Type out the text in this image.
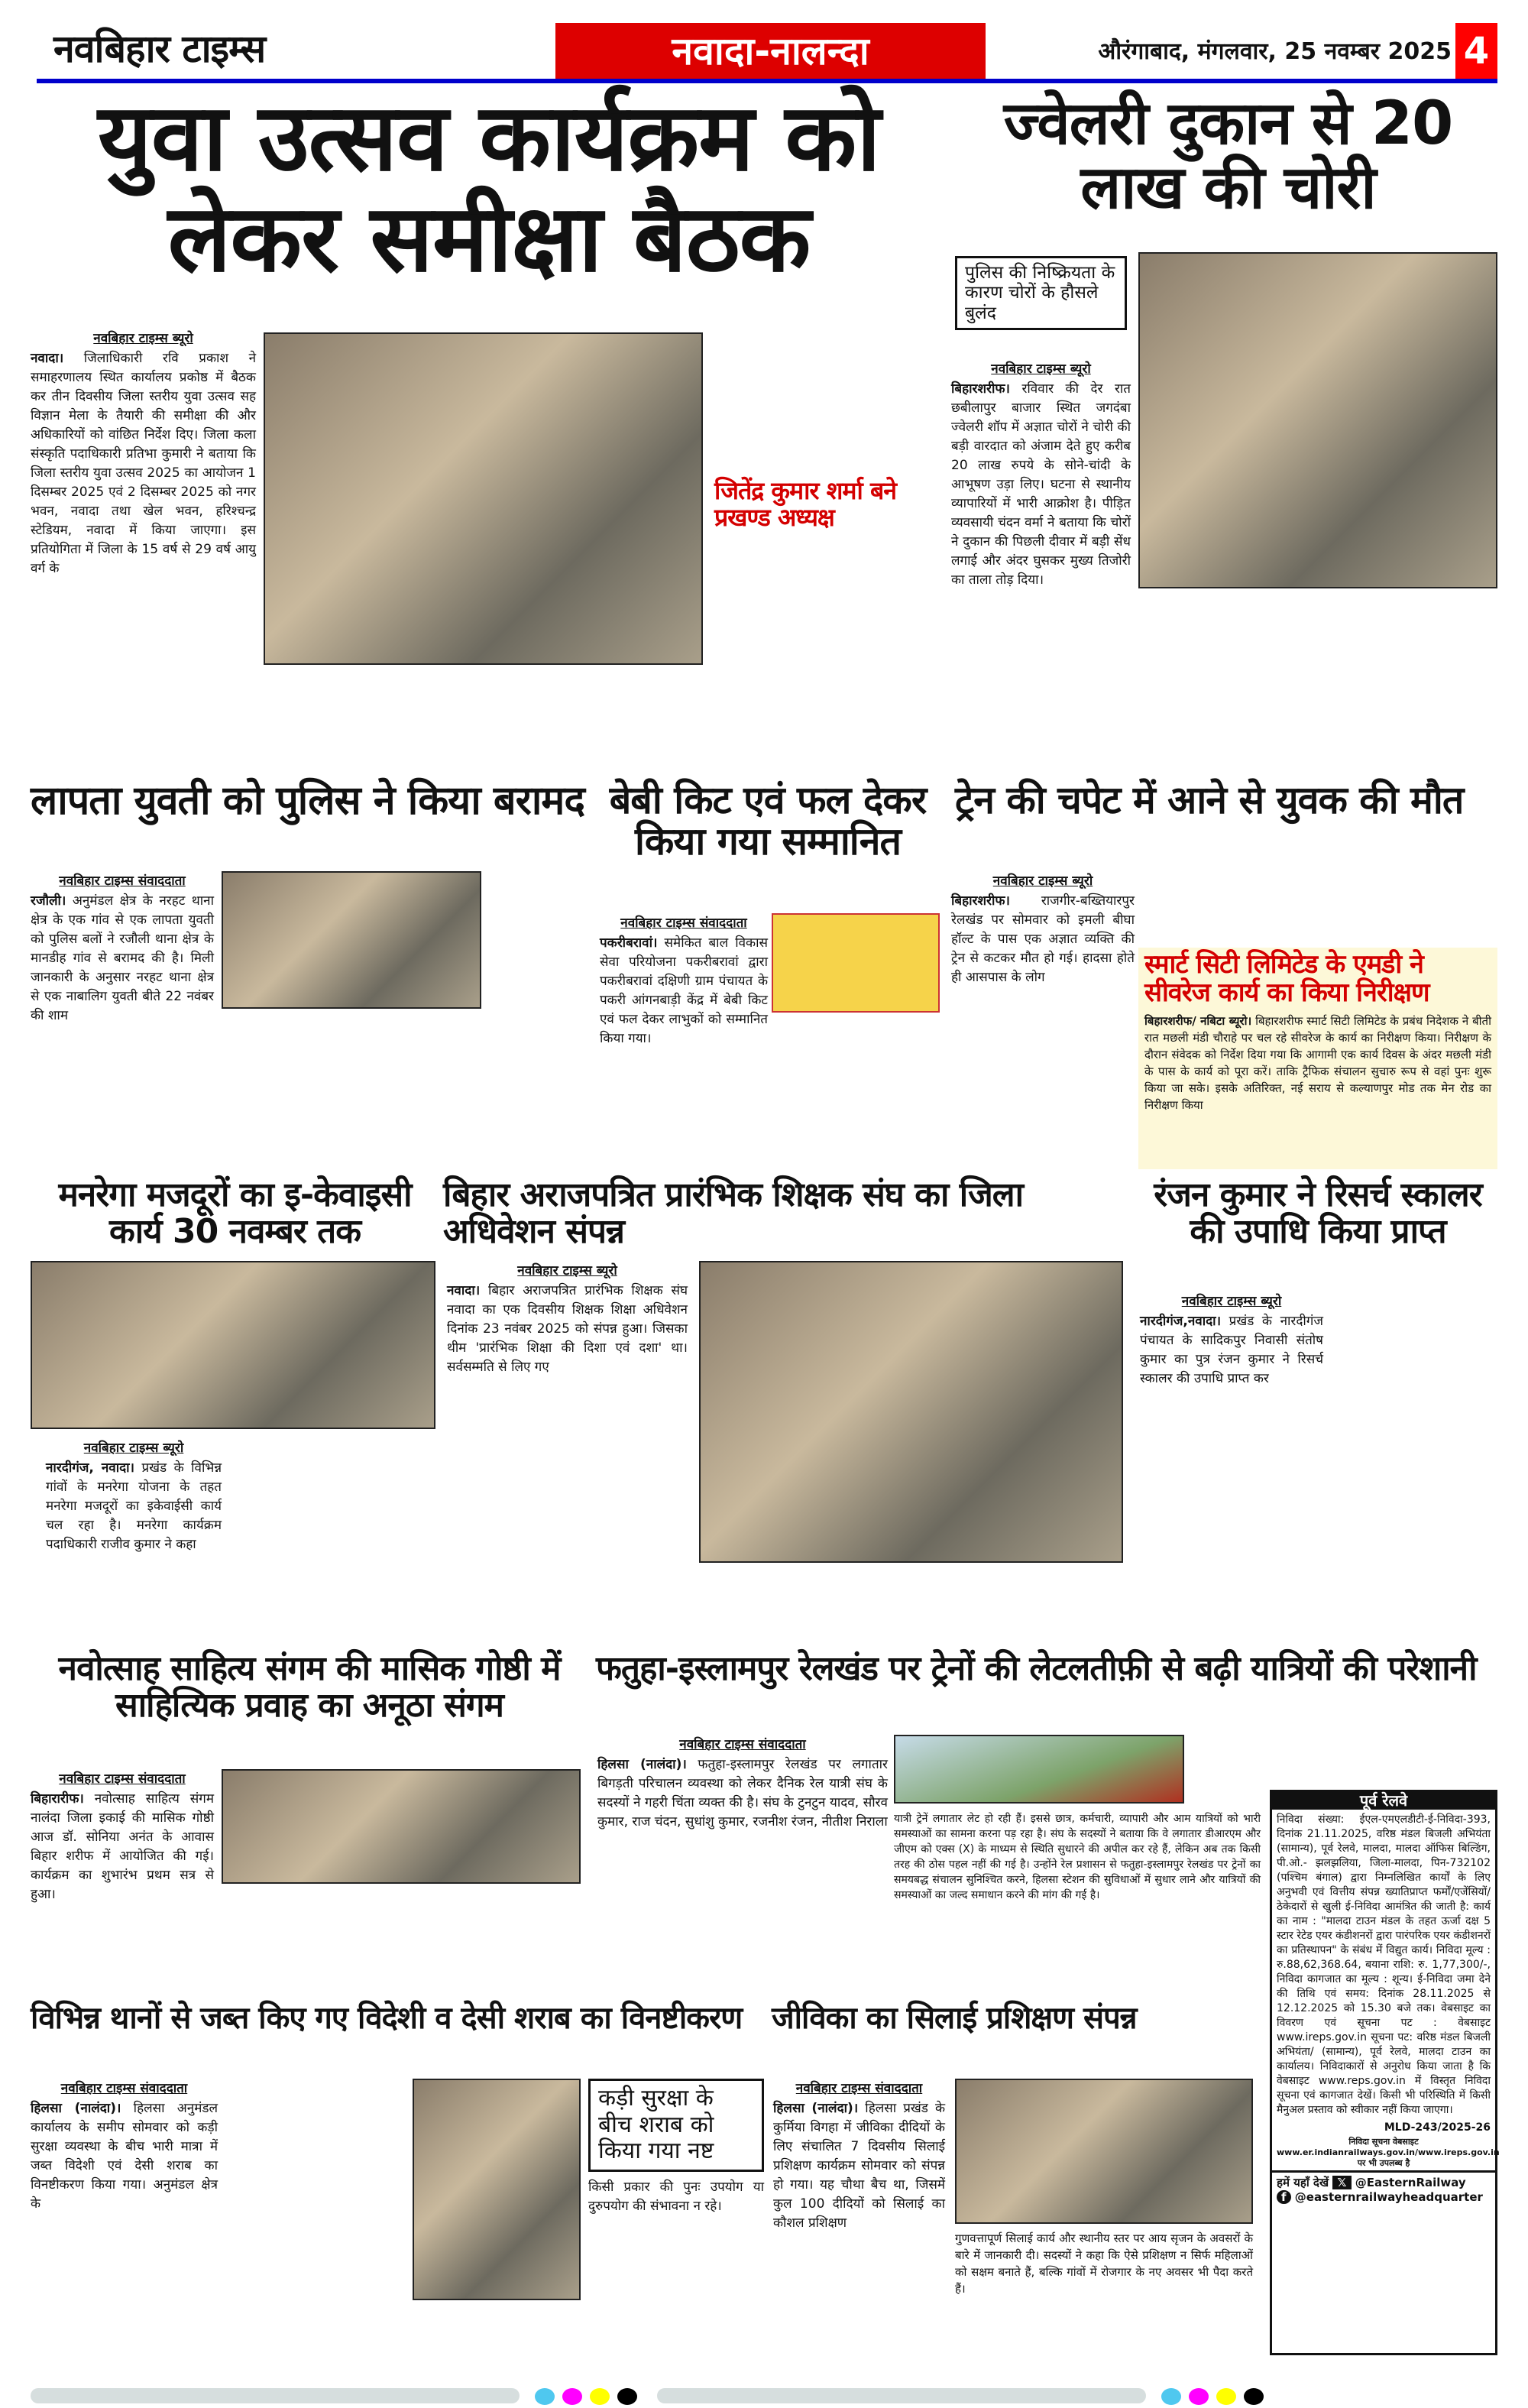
नवबिहार टाइम्स	नवादा-नालन्दा	औरंगाबाद, मंगलवार, 25 नवम्बर 2025 4
युवा उत्सव कार्यक्रम को लेकर समीक्षा बैठक
नवबिहार टाइम्स ब्यूरो
नवादा। जिलाधिकारी रवि प्रकाश ने समाहरणालय स्थित कार्यालय प्रकोष्ठ में बैठक कर तीन दिवसीय जिला स्तरीय युवा उत्सव सह विज्ञान मेला के तैयारी की समीक्षा की और अधिकारियों को वांछित निर्देश दिए। जिला कला संस्कृति पदाधिकारी प्रतिभा कुमारी ने बताया कि जिला स्तरीय युवा उत्सव 2025 का आयोजन 1 दिसम्बर 2025 एवं 2 दिसम्बर 2025 को नगर भवन, नवादा तथा खेल भवन, हरिश्चन्द्र स्टेडियम, नवादा में किया जाएगा। इस प्रतियोगिता में जिला के 15 वर्ष से 29 वर्ष आयु वर्ग के
जितेंद्र कुमार शर्मा बने प्रखण्ड अध्यक्ष
ज्वेलरी दुकान से 20 लाख की चोरी
पुलिस की निष्क्रियता के कारण चोरों के हौसले बुलंद
नवबिहार टाइम्स ब्यूरो
बिहारशरीफ। रविवार की देर रात छबीलापुर बाजार स्थित जगदंबा ज्वेलरी शॉप में अज्ञात चोरों ने चोरी की बड़ी वारदात को अंजाम देते हुए करीब 20 लाख रुपये के सोने-चांदी के आभूषण उड़ा लिए। घटना से स्थानीय व्यापारियों में भारी आक्रोश है। पीड़ित व्यवसायी चंदन वर्मा ने बताया कि चोरों ने दुकान की पिछली दीवार में बड़ी सेंध लगाई और अंदर घुसकर मुख्य तिजोरी का ताला तोड़ दिया।
लापता युवती को पुलिस ने किया बरामद
नवबिहार टाइम्स संवाददाता
रजौली। अनुमंडल क्षेत्र के नरहट थाना क्षेत्र के एक गांव से एक लापता युवती को पुलिस बलों ने रजौली थाना क्षेत्र के मानडीह गांव से बरामद की है। मिली जानकारी के अनुसार नरहट थाना क्षेत्र से एक नाबालिग युवती बीते 22 नवंबर की शाम
बेबी किट एवं फल देकर किया गया सम्मानित
नवबिहार टाइम्स संवाददाता
पकरीबरावां। समेकित बाल विकास सेवा परियोजना पकरीबरावां द्वारा पकरीबरावां दक्षिणी ग्राम पंचायत के पकरी आंगनबाड़ी केंद्र में बेबी किट एवं फल देकर लाभुकों को सम्मानित किया गया।
ट्रेन की चपेट में आने से युवक की मौत
नवबिहार टाइम्स ब्यूरो
बिहारशरीफ। राजगीर-बख्तियारपुर रेलखंड पर सोमवार को इमली बीघा हॉल्ट के पास एक अज्ञात व्यक्ति की ट्रेन से कटकर मौत हो गई। हादसा होते ही आसपास के लोग	स्मार्ट सिटी लिमिटेड के एमडी ने सीवरेज कार्य का किया निरीक्षण
बिहारशरीफ/ नबिटा ब्यूरो। बिहारशरीफ स्मार्ट सिटी लिमिटेड के प्रबंध निदेशक ने बीती रात मछली मंडी चौराहे पर चल रहे सीवरेज के कार्य का निरीक्षण किया। निरीक्षण के दौरान संवेदक को निर्देश दिया गया कि आगामी एक कार्य दिवस के अंदर मछली मंडी के पास के कार्य को पूरा करें। ताकि ट्रैफिक संचालन सुचारु रूप से वहां पुनः शुरू किया जा सके। इसके अतिरिक्त, नई सराय से कल्याणपुर मोड तक मेन रोड का निरीक्षण किया
मनरेगा मजदूरों का इ-केवाइसी कार्य 30 नवम्बर तक
नवबिहार टाइम्स ब्यूरो
नारदीगंज, नवादा। प्रखंड के विभिन्न गांवों के मनरेगा योजना के तहत मनरेगा मजदूरों का इकेवाईसी कार्य चल रहा है। मनरेगा कार्यक्रम पदाधिकारी राजीव कुमार ने कहा
बिहार अराजपत्रित प्रारंभिक शिक्षक संघ का जिला अधिवेशन संपन्न
नवबिहार टाइम्स ब्यूरो
नवादा। बिहार अराजपत्रित प्रारंभिक शिक्षक संघ नवादा का एक दिवसीय शिक्षक शिक्षा अधिवेशन दिनांक 23 नवंबर 2025 को संपन्न हुआ। जिसका थीम 'प्रारंभिक शिक्षा की दिशा एवं दशा' था। सर्वसम्मति से लिए गए
रंजन कुमार ने रिसर्च स्कालर की उपाधि किया प्राप्त
नवबिहार टाइम्स ब्यूरो
नारदीगंज,नवादा। प्रखंड के नारदीगंज पंचायत के सादिकपुर निवासी संतोष कुमार का पुत्र रंजन कुमार ने रिसर्च स्कालर की उपाधि प्राप्त कर
नवोत्साह साहित्य संगम की मासिक गोष्ठी में साहित्यिक प्रवाह का अनूठा संगम
नवबिहार टाइम्स संवाददाता
बिहारारीफ। नवोत्साह साहित्य संगम नालंदा जिला इकाई की मासिक गोष्ठी आज डॉ. सोनिया अनंत के आवास बिहार शरीफ में आयोजित की गई। कार्यक्रम का शुभारंभ प्रथम सत्र से हुआ।
फतुहा-इस्लामपुर रेलखंड पर ट्रेनों की लेटलतीफ़ी से बढ़ी यात्रियों की परेशानी
नवबिहार टाइम्स संवाददाता
हिलसा (नालंदा)। फतुहा-इस्लामपुर रेलखंड पर लगातार बिगड़ती परिचालन व्यवस्था को लेकर दैनिक रेल यात्री संघ के सदस्यों ने गहरी चिंता व्यक्त की है। संघ के टुनटुन यादव, सौरव कुमार, राज चंदन, सुधांशु कुमार, रजनीश रंजन, नीतीश निराला यात्री ट्रेनें लगातार लेट हो रही हैं। इससे छात्र, कर्मचारी, व्यापारी और आम यात्रियों को भारी समस्याओं का सामना करना पड़ रहा है। संघ के सदस्यों ने बताया कि वे लगातार डीआरएम और जीएम को एक्स (X) के माध्यम से स्थिति सुधारने की अपील कर रहे हैं, लेकिन अब तक किसी तरह की ठोस पहल नहीं की गई है। उन्होंने रेल प्रशासन से फतुहा-इस्लामपुर रेलखंड पर ट्रेनों का समयबद्ध संचालन सुनिश्चित करने, हिलसा स्टेशन की सुविधाओं में सुधार लाने और यात्रियों की समस्याओं का जल्द समाधान करने की मांग की गई है।
विभिन्न थानों से जब्त किए गए विदेशी व देसी शराब का विनष्टीकरण
नवबिहार टाइम्स संवाददाता
हिलसा (नालंदा)। हिलसा अनुमंडल कार्यालय के समीप सोमवार को कड़ी सुरक्षा व्यवस्था के बीच भारी मात्रा में जब्त विदेशी एवं देसी शराब का विनष्टीकरण किया गया। अनुमंडल क्षेत्र के
कड़ी सुरक्षा के बीच शराब को किया गया नष्ट
किसी प्रकार की पुनः उपयोग या दुरुपयोग की संभावना न रहे।
जीविका का सिलाई प्रशिक्षण संपन्न
नवबिहार टाइम्स संवाददाता
हिलसा (नालंदा)। हिलसा प्रखंड के कुर्मिया विगहा में जीविका दीदियों के लिए संचालित 7 दिवसीय सिलाई प्रशिक्षण कार्यक्रम सोमवार को संपन्न हो गया। यह चौथा बैच था, जिसमें कुल 100 दीदियों को सिलाई का कौशल प्रशिक्षण
गुणवत्तापूर्ण सिलाई कार्य और स्थानीय स्तर पर आय सृजन के अवसरों के बारे में जानकारी दी। सदस्यों ने कहा कि ऐसे प्रशिक्षण न सिर्फ महिलाओं को सक्षम बनाते हैं, बल्कि गांवों में रोजगार के नए अवसर भी पैदा करते हैं।
पूर्व रेलवे
निविदा संख्या: ईएल-एमएलडीटी-ई-निविदा-393, दिनांक 21.11.2025, वरिष्ठ मंडल बिजली अभियंता (सामान्य), पूर्व रेलवे, मालदा, मालदा ऑफिस बिल्डिंग, पी.ओ.- झलझलिया, जिला-मालदा, पिन-732102 (पश्चिम बंगाल) द्वारा निम्नलिखित कार्यों के लिए अनुभवी एवं वित्तीय संपन्न ख्यातिप्राप्त फर्मों/एजेंसियों/ठेकेदारों से खुली ई-निविदा आमंत्रित की जाती है: कार्य का नाम : "मालदा टाउन मंडल के तहत ऊर्जा दक्ष 5 स्टार रेटेड एयर कंडीशनरों द्वारा पारंपरिक एयर कंडीशनरों का प्रतिस्थापन" के संबंध में विद्युत कार्य। निविदा मूल्य : रु.88,62,368.64, बयाना राशि: रु. 1,77,300/-, निविदा कागजात का मूल्य : शून्य। ई-निविदा जमा देने की तिथि एवं समय: दिनांक 28.11.2025 से 12.12.2025 को 15.30 बजे तक। वेबसाइट का विवरण एवं सूचना पट : वेबसाइट www.ireps.gov.in सूचना पट: वरिष्ठ मंडल बिजली अभियंता/ (सामान्य), पूर्व रेलवे, मालदा टाउन का कार्यालय। निविदाकारों से अनुरोध किया जाता है कि वेबसाइट www.reps.gov.in में विस्तृत निविदा सूचना एवं कागजात देखें। किसी भी परिस्थिति में किसी मैनुअल प्रस्ताव को स्वीकार नहीं किया जाएगा।
MLD-243/2025-26
निविदा सूचना वेबसाइट www.er.indianrailways.gov.in/www.ireps.gov.in पर भी उपलब्ध है
हमें यहाँ देखें 𝕏 @EasternRailway
f @easternrailwayheadquarter
